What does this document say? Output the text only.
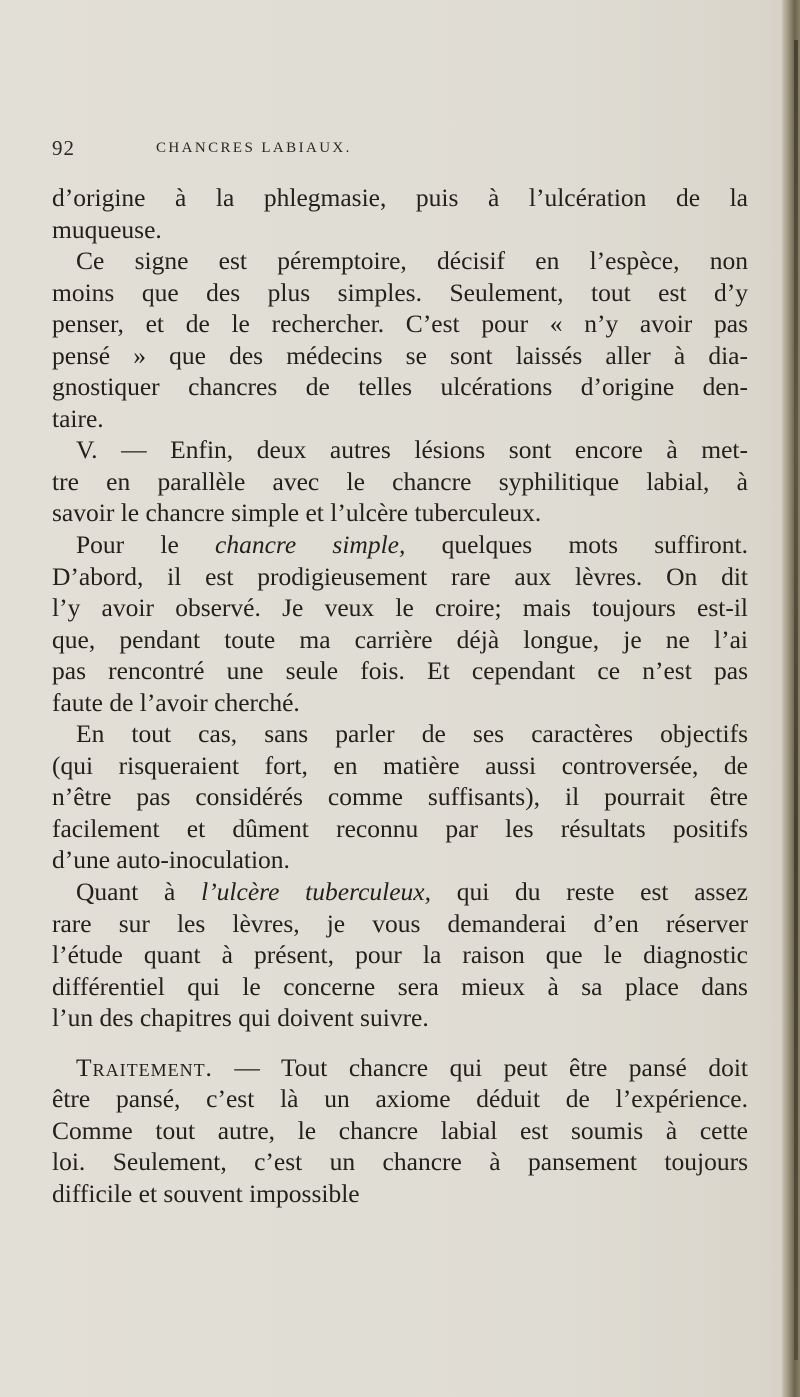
92	CHANCRES LABIAUX.
d’origine à la phlegmasie, puis à l’ulcération de la
muqueuse.
Ce signe est péremptoire, décisif en l’espèce, non
moins que des plus simples. Seulement, tout est d’y
penser, et de le rechercher. C’est pour « n’y avoir pas
pensé » que des médecins se sont laissés aller à dia-
gnostiquer chancres de telles ulcérations d’origine den-
taire.
V. — Enfin, deux autres lésions sont encore à met-
tre en parallèle avec le chancre syphilitique labial, à
savoir le chancre simple et l’ulcère tuberculeux.
Pour le chancre simple, quelques mots suffiront.
D’abord, il est prodigieusement rare aux lèvres. On dit
l’y avoir observé. Je veux le croire; mais toujours est-il
que, pendant toute ma carrière déjà longue, je ne l’ai
pas rencontré une seule fois. Et cependant ce n’est pas
faute de l’avoir cherché.
En tout cas, sans parler de ses caractères objectifs
(qui risqueraient fort, en matière aussi controversée, de
n’être pas considérés comme suffisants), il pourrait être
facilement et dûment reconnu par les résultats positifs
d’une auto-inoculation.
Quant à l’ulcère tuberculeux, qui du reste est assez
rare sur les lèvres, je vous demanderai d’en réserver
l’étude quant à présent, pour la raison que le diagnostic
différentiel qui le concerne sera mieux à sa place dans
l’un des chapitres qui doivent suivre.
Traitement. — Tout chancre qui peut être pansé doit
être pansé, c’est là un axiome déduit de l’expérience.
Comme tout autre, le chancre labial est soumis à cette
loi. Seulement, c’est un chancre à pansement toujours
difficile et souvent impossible
